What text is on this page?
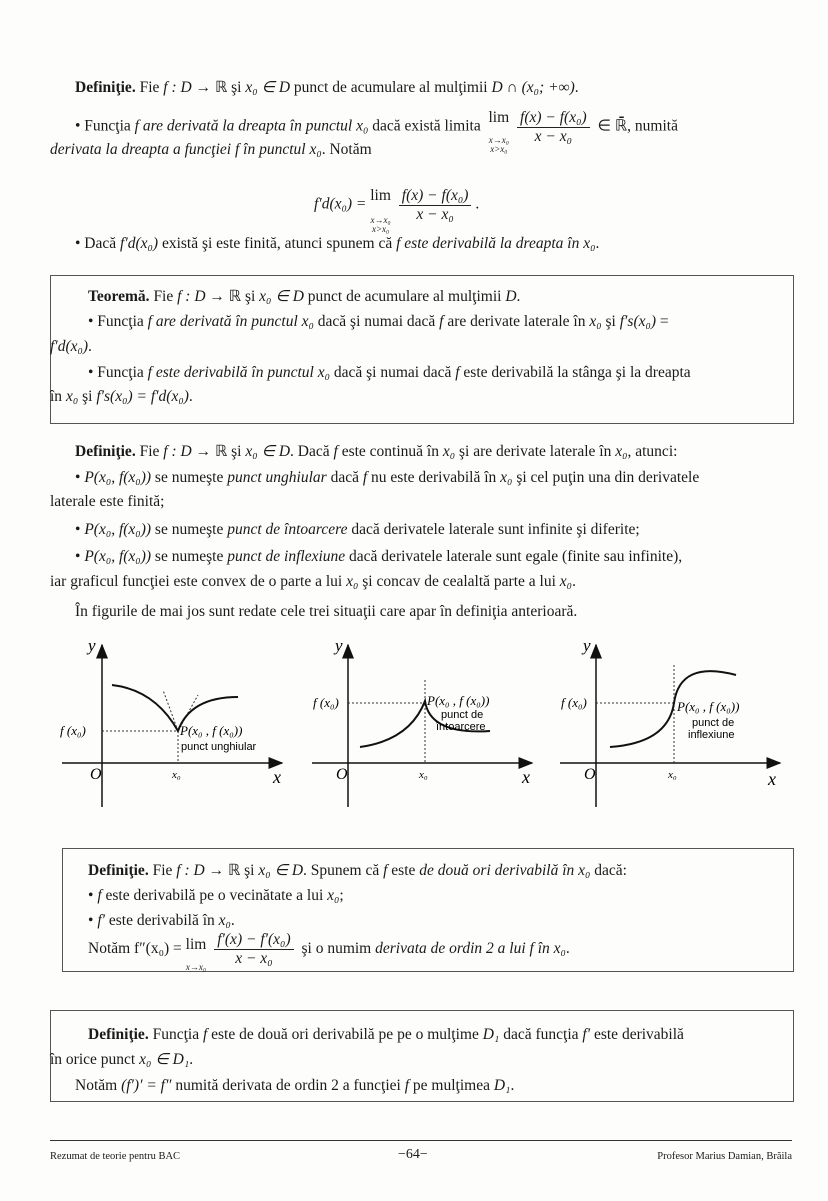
Definiţie. Fie f : D → ℝ şi x₀ ∈ D punct de acumulare al mulţimii D ∩ (x₀; +∞).
• Funcţia f are derivată la dreapta în punctul x₀ dacă există limita
lim
x→x₀
x>x₀

$\frac{\text{f(x) − f(x₀)}}{\text{x − x₀}}$ ∈ ℝ̄, numită
derivata la dreapta a funcţiei f în punctul x₀. Notăm
f′d(x₀) =
lim
x→x₀
x>x₀

$\frac{\text{f(x) − f(x₀)}}{\text{x − x₀}}$ .
• Dacă f′d(x₀) există şi este finită, atunci spunem că f este derivabilă la dreapta în x₀.
Teoremă. Fie f : D → ℝ şi x₀ ∈ D punct de acumulare al mulţimii D.
• Funcţia f are derivată în punctul x₀ dacă şi numai dacă f are derivate laterale în x₀ şi f′s(x₀) =
f′d(x₀).
• Funcţia f este derivabilă în punctul x₀ dacă şi numai dacă f este derivabilă la stânga şi la dreapta
în x₀ şi f′s(x₀) = f′d(x₀).
Definiţie. Fie f : D → ℝ şi x₀ ∈ D. Dacă f este continuă în x₀ şi are derivate laterale în x₀, atunci:
• P(x₀, f(x₀)) se numeşte punct unghiular dacă f nu este derivabilă în x₀ şi cel puţin una din derivatele
laterale este finită;
• P(x₀, f(x₀)) se numeşte punct de întoarcere dacă derivatele laterale sunt infinite şi diferite;
• P(x₀, f(x₀)) se numeşte punct de inflexiune dacă derivatele laterale sunt egale (finite sau infinite),
iar graficul funcţiei este convex de o parte a lui x₀ şi concav de cealaltă parte a lui x₀.
În figurile de mai jos sunt redate cele trei situaţii care apar în definiţia anterioară.
y
x
O	x₀
f (x₀)	P(x₀ , f (x₀))
punct unghiular
y
x
O	x₀
f (x₀)	P(x₀ , f (x₀))
punct de
întoarcere
y
x
O	x₀
f (x₀)	P(x₀ , f (x₀))
punct de
inflexiune
Definiţie. Fie f : D → ℝ şi x₀ ∈ D. Spunem că f este de două ori derivabilă în x₀ dacă:
• f este derivabilă pe o vecinătate a lui x₀;
• f′ este derivabilă în x₀.
Notăm f″(x₀) = lim
x→x₀
$\frac{\text{f′(x) − f′(x₀)}}{\text{x − x₀}}$ şi o numim derivata de ordin 2 a lui f în x₀.
Definiţie. Funcţia f este de două ori derivabilă pe pe o mulţime D₁ dacă funcţia f′ este derivabilă
în orice punct x₀ ∈ D₁.
Notăm (f′)′ = f″ numită derivata de ordin 2 a funcţiei f pe mulţimea D₁.
Rezumat de teorie pentru BAC	−64−	Profesor Marius Damian, Brăila
